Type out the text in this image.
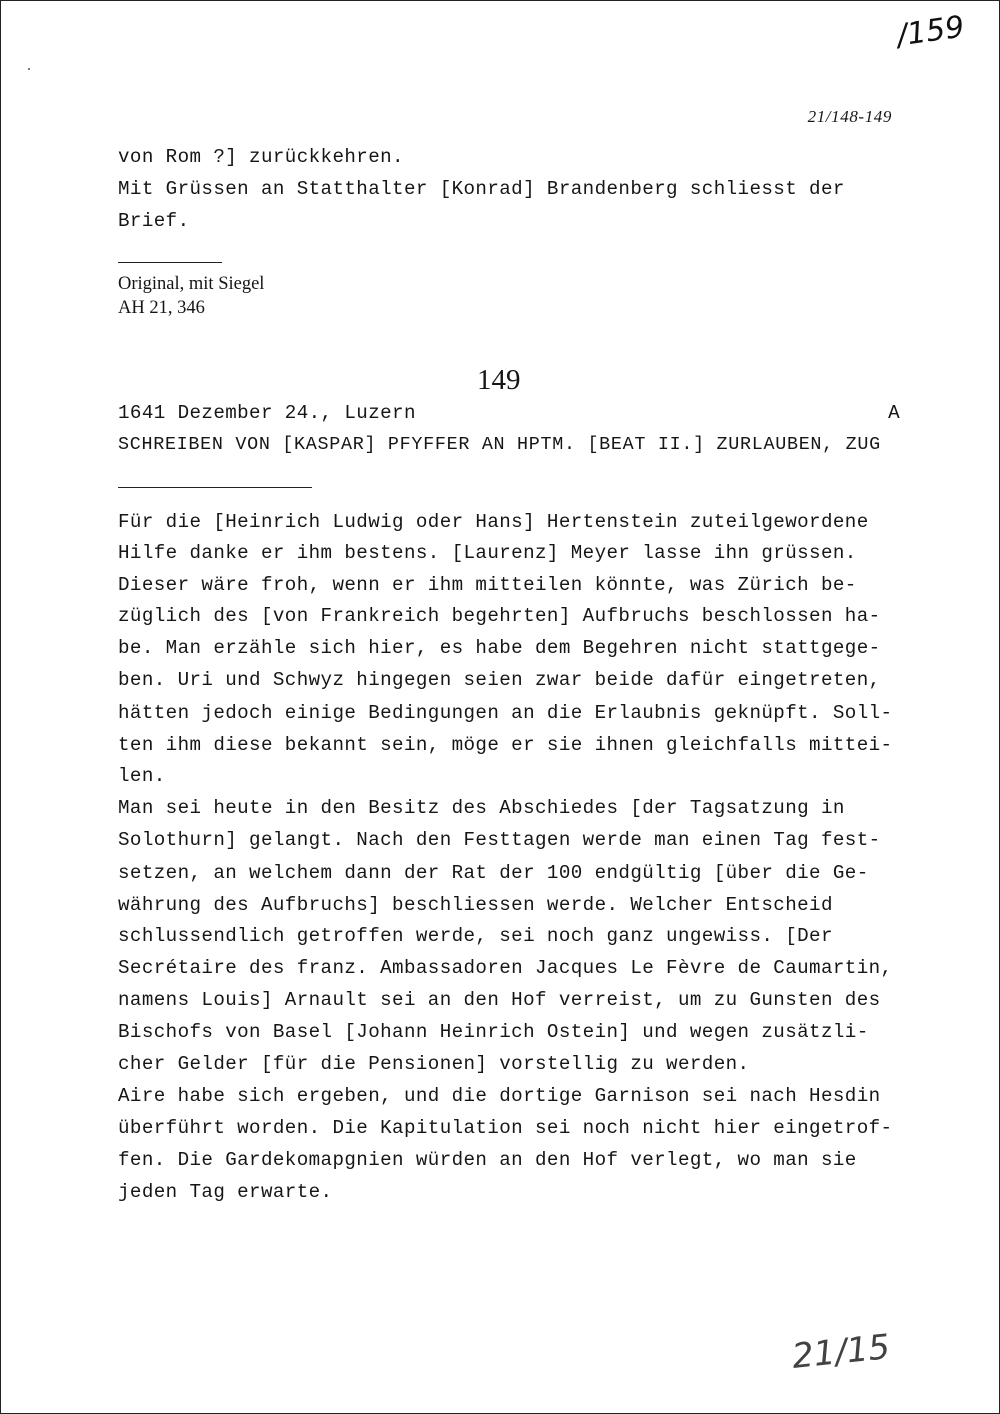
/159
21/148-149
von Rom ?] zurückkehren.
Mit Grüssen an Statthalter [Konrad] Brandenberg schliesst der
Brief.
Original, mit Siegel
AH 21, 346
149
1641 Dezember 24., Luzern	A
SCHREIBEN VON [KASPAR] PFYFFER AN HPTM. [BEAT II.] ZURLAUBEN, ZUG
Für die [Heinrich Ludwig oder Hans] Hertenstein zuteilgewordene
Hilfe danke er ihm bestens. [Laurenz] Meyer lasse ihn grüssen.
Dieser wäre froh, wenn er ihm mitteilen könnte, was Zürich be-
züglich des [von Frankreich begehrten] Aufbruchs beschlossen ha-
be. Man erzähle sich hier, es habe dem Begehren nicht stattgege-
ben. Uri und Schwyz hingegen seien zwar beide dafür eingetreten,
hätten jedoch einige Bedingungen an die Erlaubnis geknüpft. Soll-
ten ihm diese bekannt sein, möge er sie ihnen gleichfalls mittei-
len.
Man sei heute in den Besitz des Abschiedes [der Tagsatzung in
Solothurn] gelangt. Nach den Festtagen werde man einen Tag fest-
setzen, an welchem dann der Rat der 100 endgültig [über die Ge-
währung des Aufbruchs] beschliessen werde. Welcher Entscheid
schlussendlich getroffen werde, sei noch ganz ungewiss. [Der
Secrétaire des franz. Ambassadoren Jacques Le Fèvre de Caumartin,
namens Louis] Arnault sei an den Hof verreist, um zu Gunsten des
Bischofs von Basel [Johann Heinrich Ostein] und wegen zusätzli-
cher Gelder [für die Pensionen] vorstellig zu werden.
Aire habe sich ergeben, und die dortige Garnison sei nach Hesdin
überführt worden. Die Kapitulation sei noch nicht hier eingetrof-
fen. Die Gardekomapgnien würden an den Hof verlegt, wo man sie
jeden Tag erwarte.
21/15
